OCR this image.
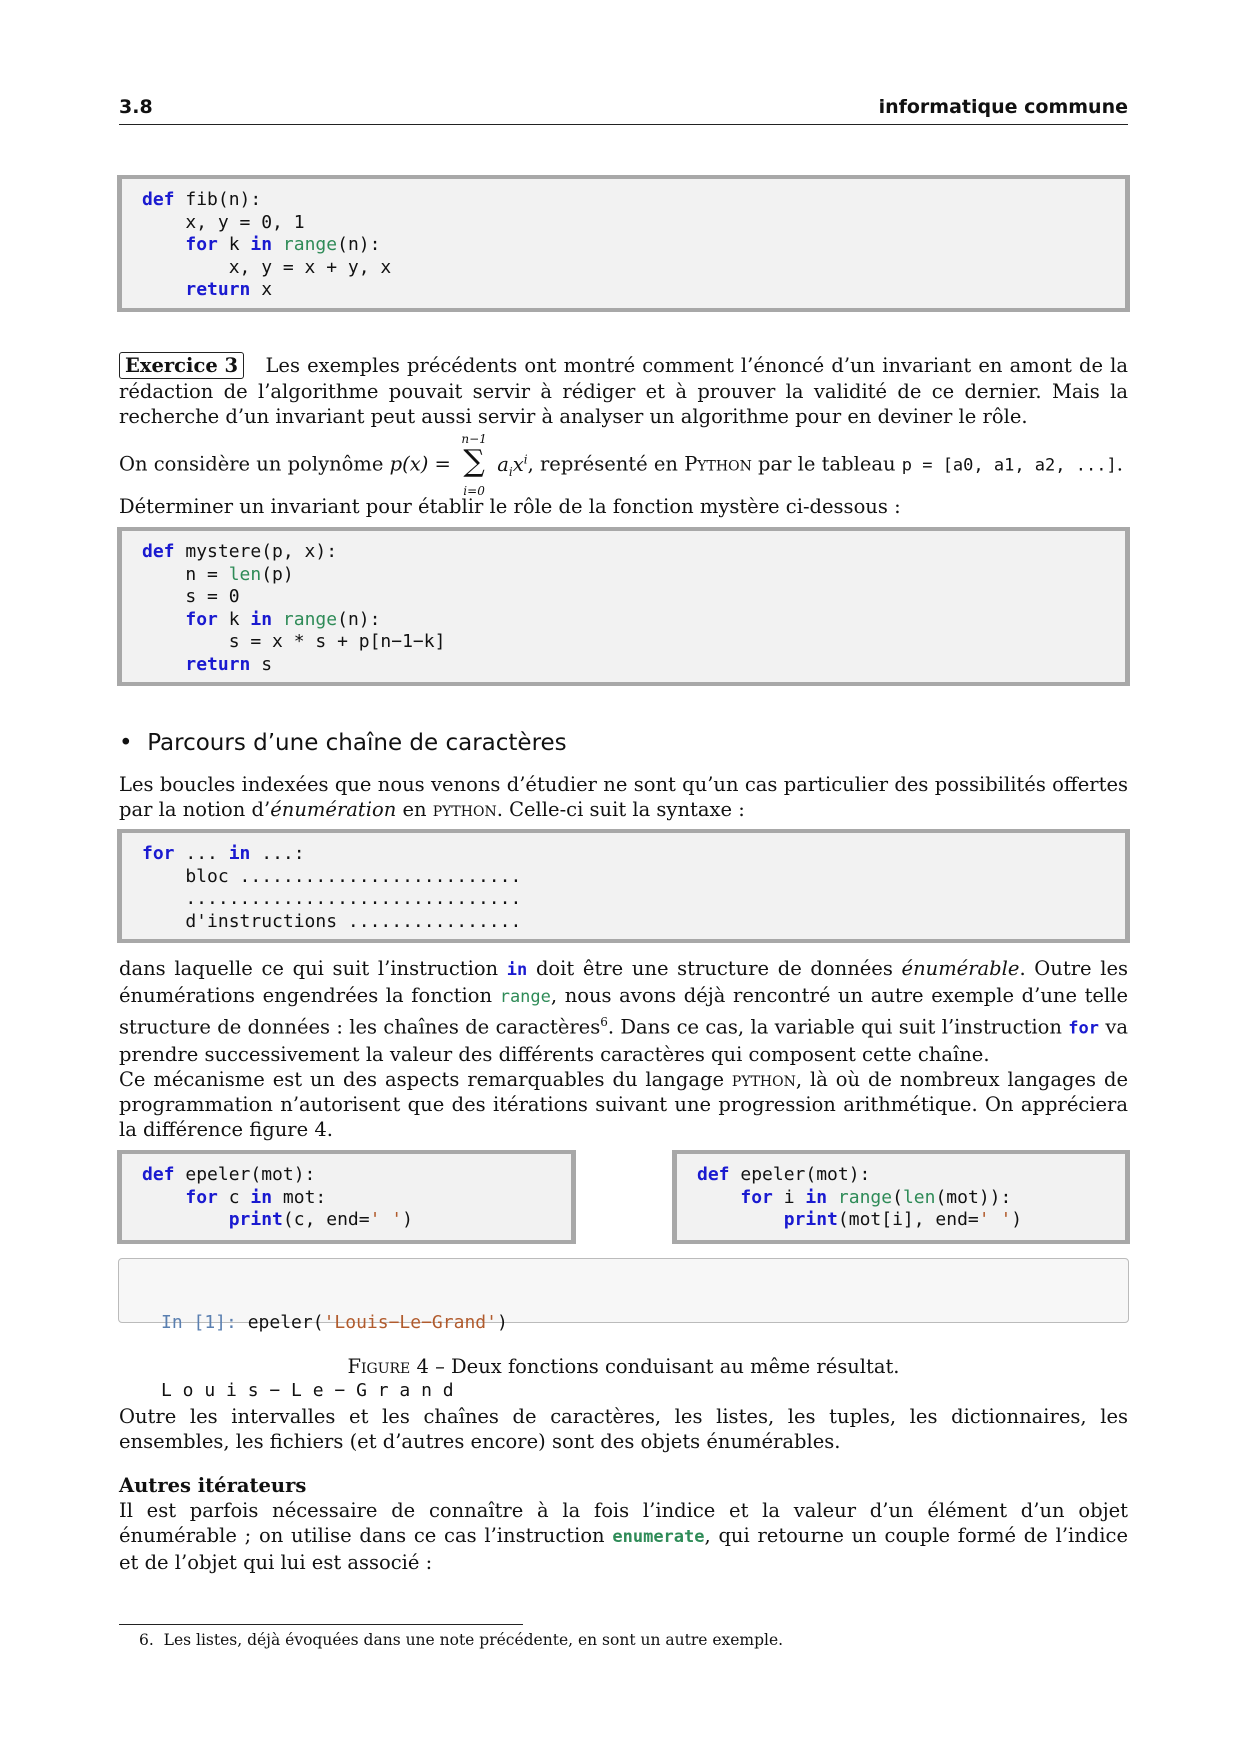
3.8	informatique commune
def fib(n):
x, y = 0, 1
for k in range(n):
x, y = x + y, x
return x
Exercice 3 Les exemples précédents ont montré comment l’énoncé d’un invariant en amont de la rédaction de l’algorithme pouvait servir à rédiger et à prouver la validité de ce dernier. Mais la recherche d’un invariant peut aussi servir à analyser un algorithme pour en deviner le rôle.
On considère un polynôme p(x) =
n−1
∑
i=0
$a_ix^i$, représenté en Python par le tableau p = [a0, a1, a2, ...].
Déterminer un invariant pour établir le rôle de la fonction mystère ci-dessous :
def mystere(p, x):
n = len(p)
s = 0
for k in range(n):
s = x * s + p[n−1−k]
return s
• Parcours d’une chaîne de caractères
Les boucles indexées que nous venons d’étudier ne sont qu’un cas particulier des possibilités offertes par la notion d’énumération en python. Celle-ci suit la syntaxe :
for ... in ...:
bloc ..........................
...............................
d'instructions ................
dans laquelle ce qui suit l’instruction in doit être une structure de données énumérable. Outre les énumérations engendrées la fonction range, nous avons déjà rencontré un autre exemple d’une telle structure de données : les chaînes de caractères$^6$. Dans ce cas, la variable qui suit l’instruction for va prendre successivement la valeur des différents caractères qui composent cette chaîne.
Ce mécanisme est un des aspects remarquables du langage python, là où de nombreux langages de programmation n’autorisent que des itérations suivant une progression arithmétique. On appréciera la différence figure 4.
def epeler(mot):
for c in mot:
print(c, end=' ')
def epeler(mot):
for i in range(len(mot)):
print(mot[i], end=' ')

In [1]: epeler('Louis−Le−Grand')

L o u i s − L e − G r a n d

Figure 4 – Deux fonctions conduisant au même résultat.
Outre les intervalles et les chaînes de caractères, les listes, les tuples, les dictionnaires, les ensembles, les fichiers (et d’autres encore) sont des objets énumérables.
Autres itérateurs
Il est parfois nécessaire de connaître à la fois l’indice et la valeur d’un élément d’un objet énumérable ; on utilise dans ce cas l’instruction enumerate, qui retourne un couple formé de l’indice et de l’objet qui lui est associé :
6. Les listes, déjà évoquées dans une note précédente, en sont un autre exemple.
